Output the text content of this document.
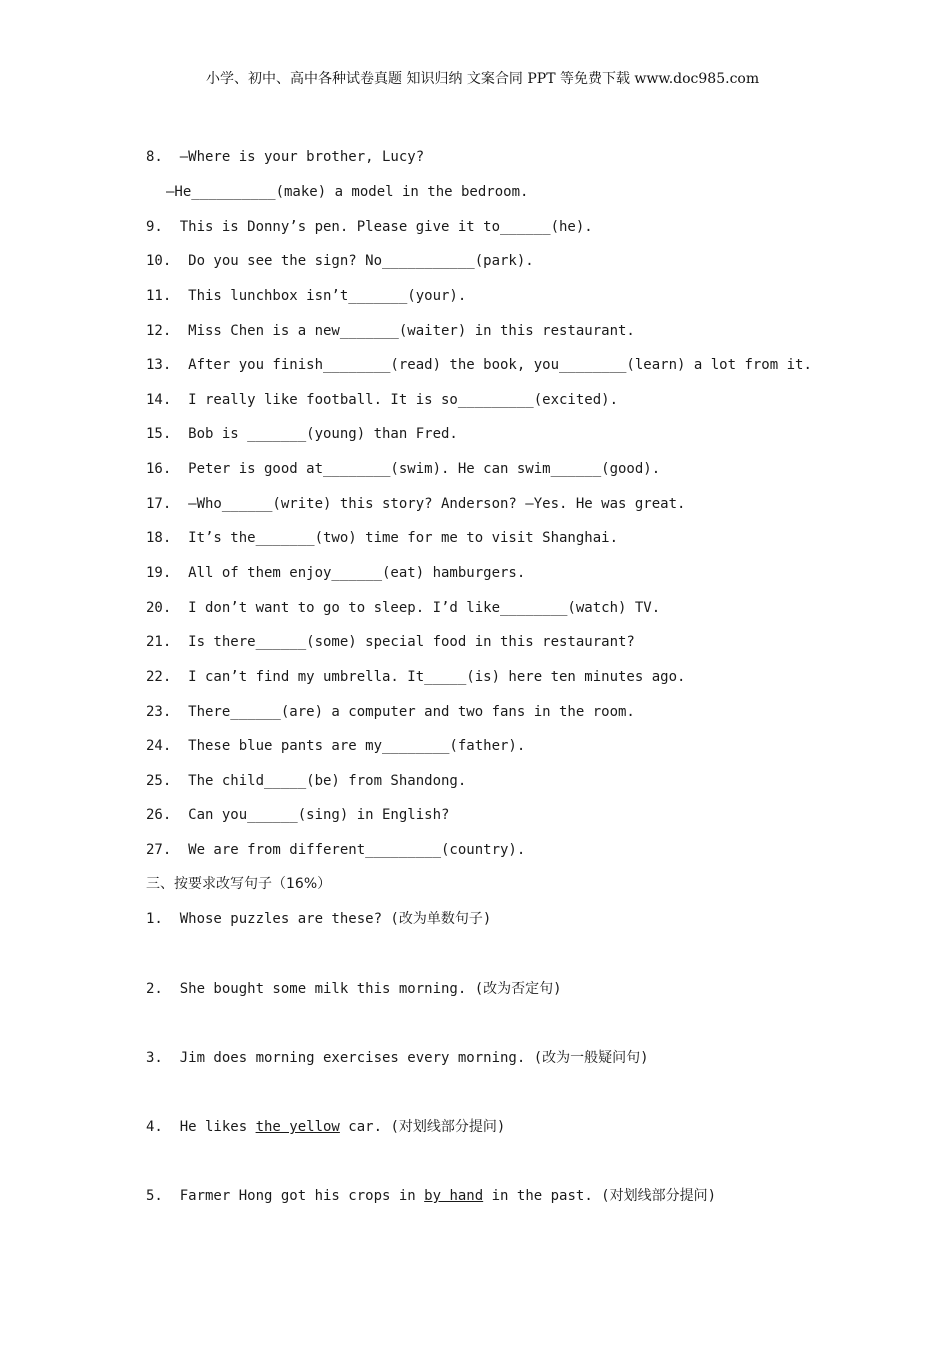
小学、初中、高中各种试卷真题 知识归纳 文案合同 PPT 等免费下载 www.doc985.com
8.  –Where is your brother, Lucy?
–He__________(make) a model in the bedroom.
9.  This is Donny’s pen. Please give it to______(he).
10.  Do you see the sign? No___________(park).
11.  This lunchbox isn’t_______(your).
12.  Miss Chen is a new_______(waiter) in this restaurant.
13.  After you finish________(read) the book, you________(learn) a lot from it.
14.  I really like football. It is so_________(excited).
15.  Bob is _______(young) than Fred.
16.  Peter is good at________(swim). He can swim______(good).
17.  –Who______(write) this story? Anderson? –Yes. He was great.
18.  It’s the_______(two) time for me to visit Shanghai.
19.  All of them enjoy______(eat) hamburgers.
20.  I don’t want to go to sleep. I’d like________(watch) TV.
21.  Is there______(some) special food in this restaurant?
22.  I can’t find my umbrella. It_____(is) here ten minutes ago.
23.  There______(are) a computer and two fans in the room.
24.  These blue pants are my________(father).
25.  The child_____(be) from Shandong.
26.  Can you______(sing) in English?
27.  We are from different_________(country).
三、按要求改写句子（16%）
1.  Whose puzzles are these? (改为单数句子)
2.  She bought some milk this morning. (改为否定句)
3.  Jim does morning exercises every morning. (改为一般疑问句)
4.  He likes the yellow car. (对划线部分提问)
5.  Farmer Hong got his crops in by hand in the past. (对划线部分提问)
